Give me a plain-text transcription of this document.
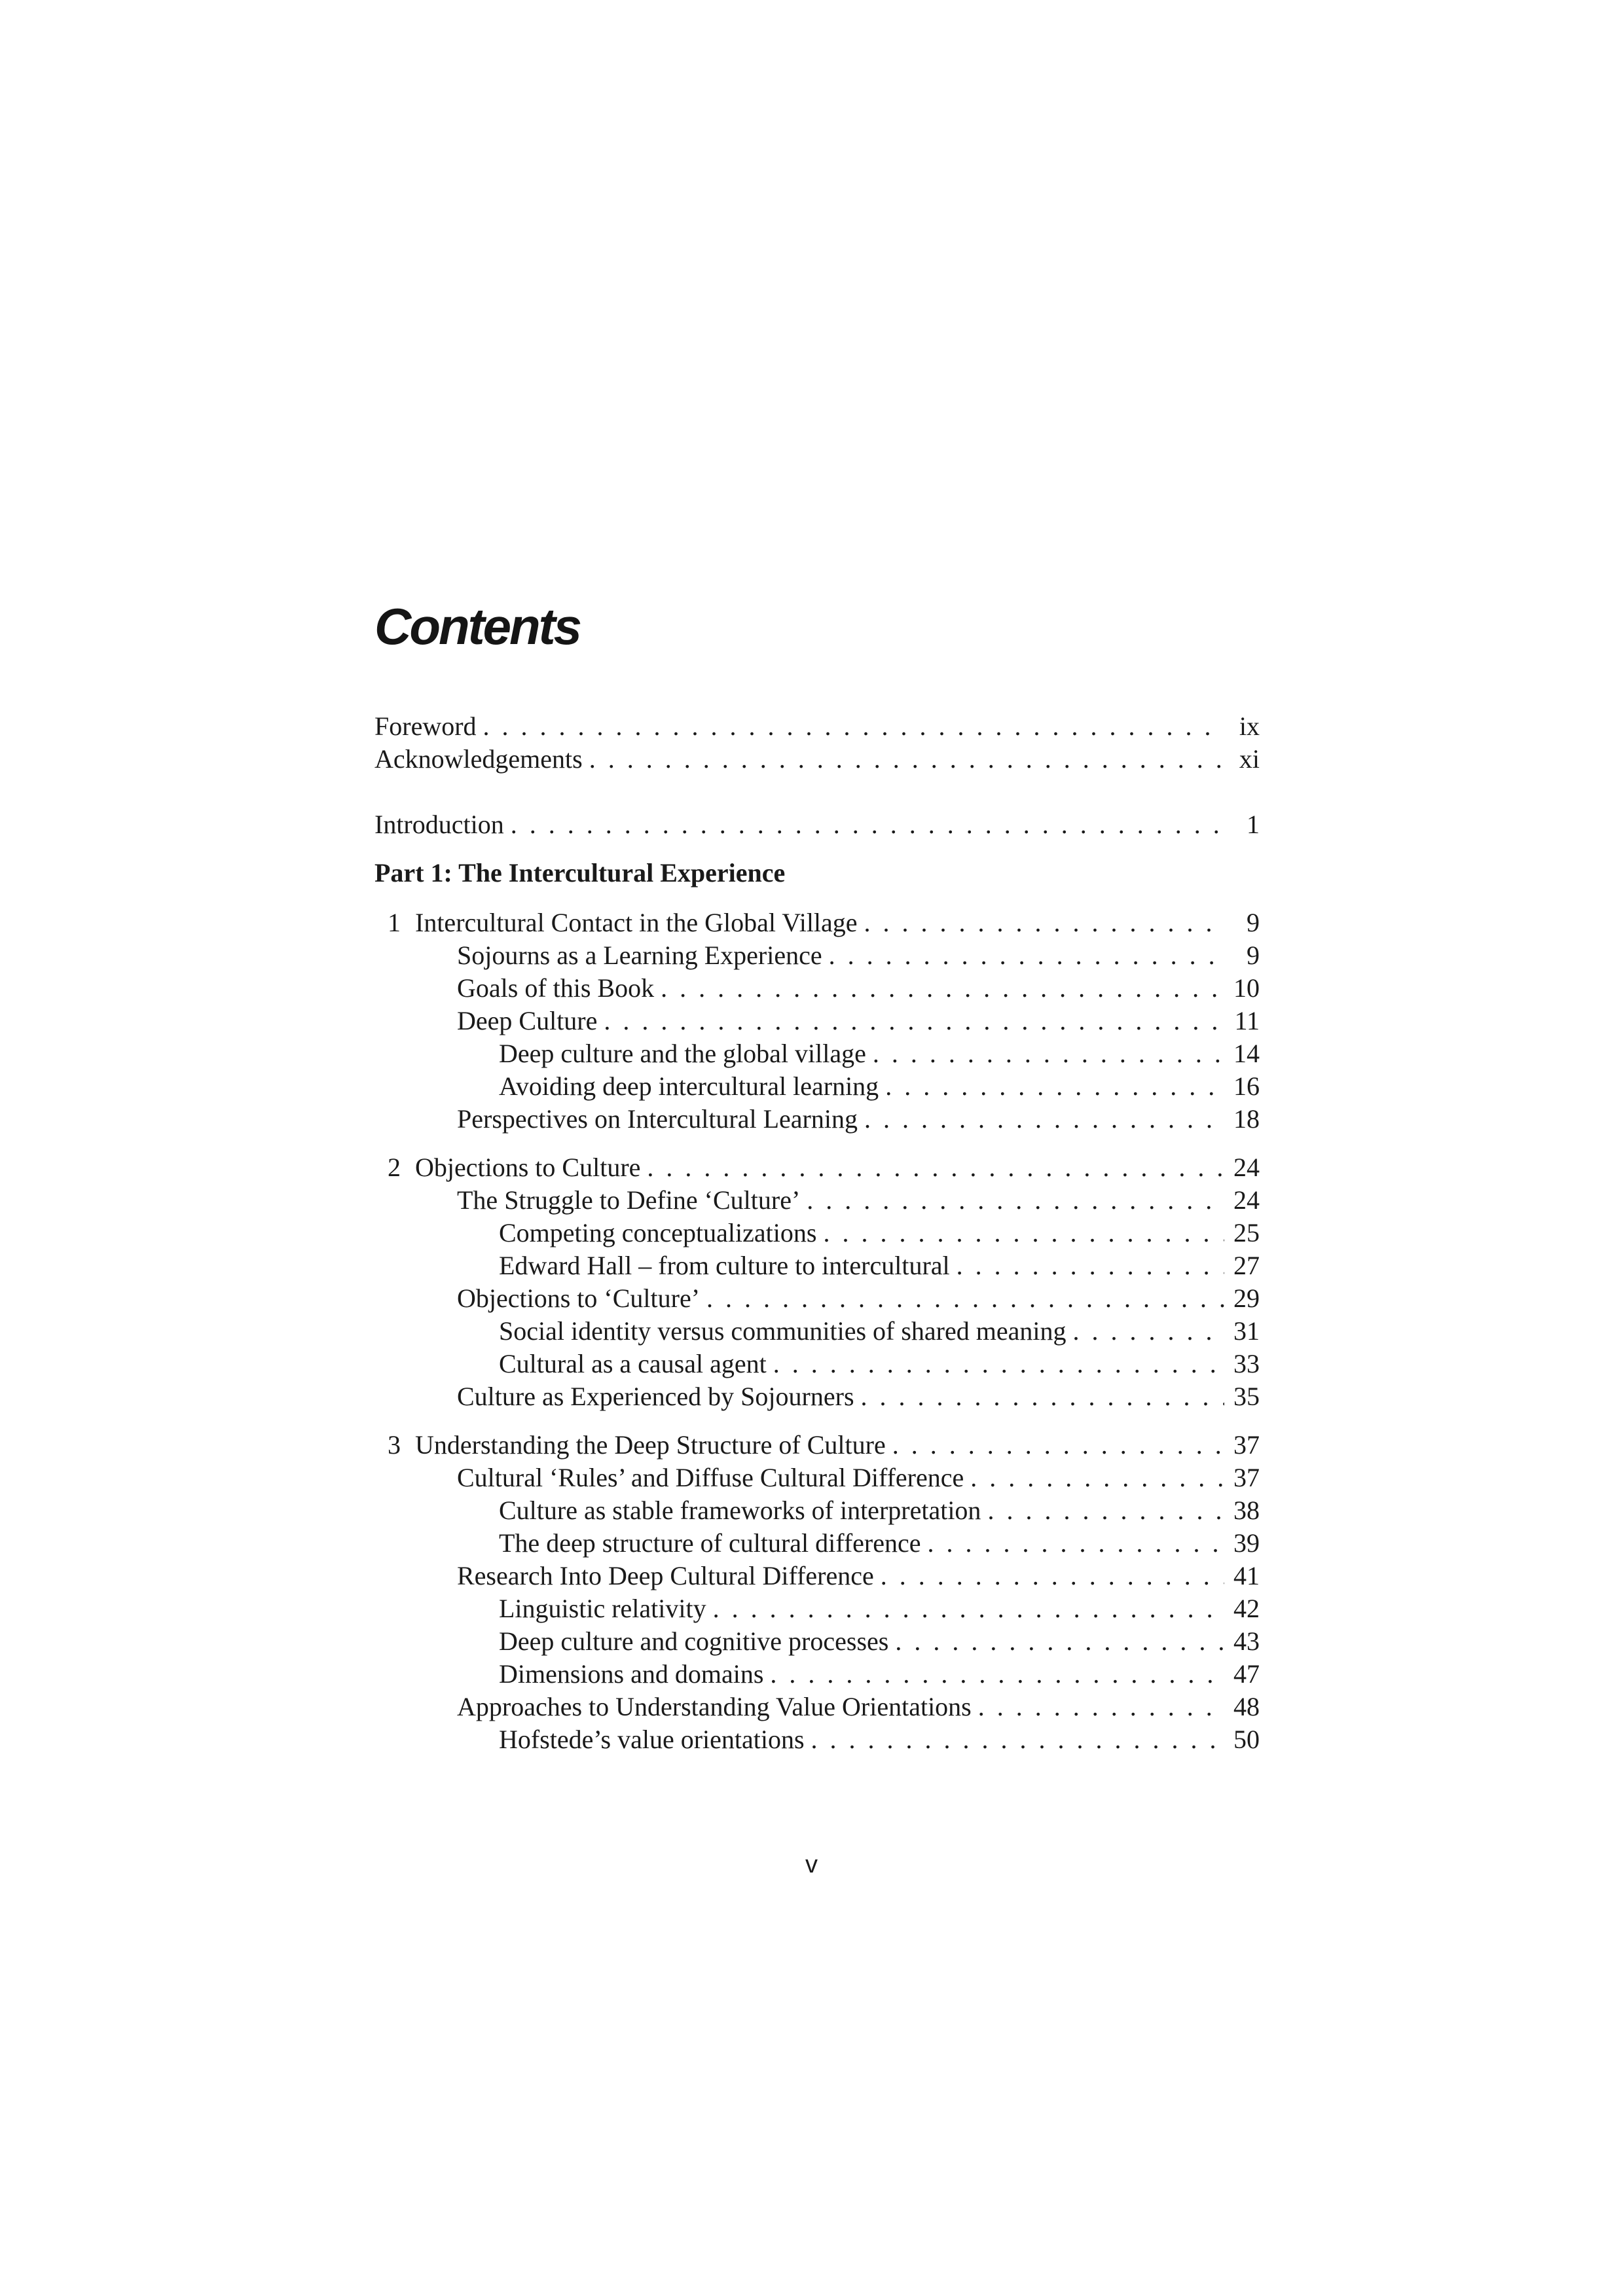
Contents
Foreword . . .	ix
Acknowledgements . . .	xi
Introduction . . .	1
Part 1: The Intercultural Experience
1 Intercultural Contact in the Global Village . . .	9
Sojourns as a Learning Experience . . .	9
Goals of this Book . . .	10
Deep Culture . . .	11
Deep culture and the global village . . .	14
Avoiding deep intercultural learning . . .	16
Perspectives on Intercultural Learning . . .	18
2 Objections to Culture . . .	24
The Struggle to Define ‘Culture’ . . .	24
Competing conceptualizations . . .	25
Edward Hall – from culture to intercultural . . .	27
Objections to ‘Culture’ . . .	29
Social identity versus communities of shared meaning . . .	31
Cultural as a causal agent . . .	33
Culture as Experienced by Sojourners . . .	35
3 Understanding the Deep Structure of Culture . . .	37
Cultural ‘Rules’ and Diffuse Cultural Difference . . .	37
Culture as stable frameworks of interpretation . . .	38
The deep structure of cultural difference . . .	39
Research Into Deep Cultural Difference . . .	41
Linguistic relativity . . .	42
Deep culture and cognitive processes . . .	43
Dimensions and domains . . .	47
Approaches to Understanding Value Orientations . . .	48
Hofstede’s value orientations . . .	50
v
